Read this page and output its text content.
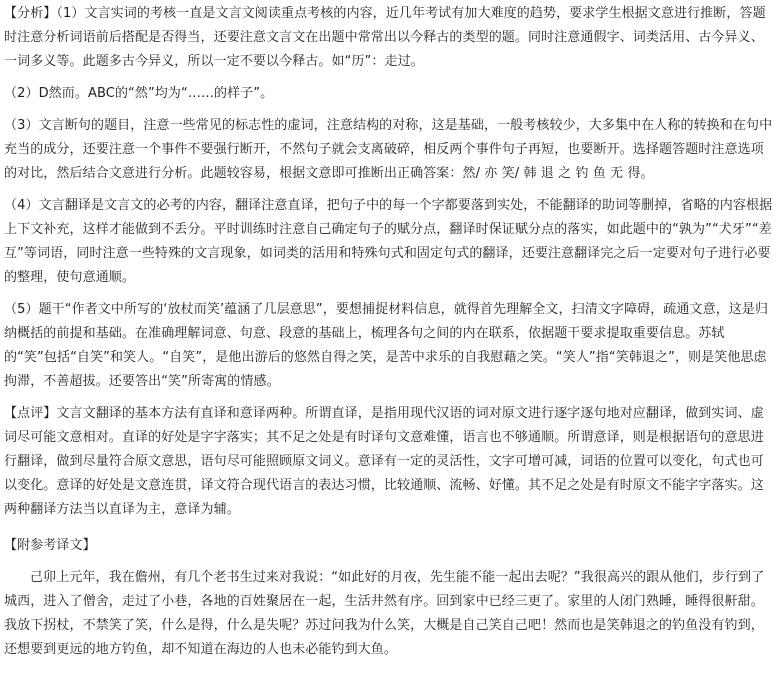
【分析】（1）文言实词的考核一直是文言文阅读重点考核的内容，近几年考试有加大难度的趋势，要求学生根据文意进行推断，答题时注意分析词语前后搭配是否得当，还要注意文言文在出题中常常出以今释古的类型的题。同时注意通假字、词类活用、古今异义、一词多义等。此题多古今异义，所以一定不要以今释古。如“历”：走过。

（2）D然而。ABC的“然”均为“……的样子”。

（3）文言断句的题目，注意一些常见的标志性的虚词，注意结构的对称，这是基础，一般考核较少，大多集中在人称的转换和在句中充当的成分，还要注意一个事件不要强行断开，不然句子就会支离破碎，相反两个事件句子再短，也要断开。选择题答题时注意选项的对比，然后结合文意进行分析。此题较容易，根据文意即可推断出正确答案：然/ 亦 笑/ 韩 退 之 钓 鱼 无 得。

（4）文言翻译是文言文的必考的内容，翻译注意直译，把句子中的每一个字都要落到实处，不能翻译的助词等删掉，省略的内容根据上下文补充，这样才能做到不丢分。平时训练时注意自己确定句子的赋分点，翻译时保证赋分点的落实，如此题中的“孰为”“犬牙”“差互”等词语，同时注意一些特殊的文言现象，如词类的活用和特殊句式和固定句式的翻译，还要注意翻译完之后一定要对句子进行必要的整理，使句意通顺。

（5）题干“作者文中所写的‘放杖而笑’蕴涵了几层意思”，要想捕捉材料信息，就得首先理解全文，扫清文字障碍，疏通文意，这是归纳概括的前提和基础。在准确理解词意、句意、段意的基础上，梳理各句之间的内在联系，依据题干要求提取重要信息。苏轼的“笑”包括“自笑”和笑人。“自笑”，是他出游后的悠然自得之笑，是苦中求乐的自我慰藉之笑。“笑人”指“笑韩退之”，则是笑他思虑拘滞，不善超拔。还要答出“笑”所寄寓的情感。

【点评】文言文翻译的基本方法有直译和意译两种。所谓直译，是指用现代汉语的词对原文进行逐字逐句地对应翻译，做到实词、虚词尽可能文意相对。直译的好处是字字落实；其不足之处是有时译句文意难懂，语言也不够通顺。所谓意译，则是根据语句的意思进行翻译，做到尽量符合原文意思，语句尽可能照顾原文词义。意译有一定的灵活性，文字可增可减，词语的位置可以变化，句式也可以变化。意译的好处是文意连贯，译文符合现代语言的表达习惯，比较通顺、流畅、好懂。其不足之处是有时原文不能字字落实。这两种翻译方法当以直译为主，意译为辅。

【附参考译文】

己卯上元年，我在儋州，有几个老书生过来对我说：“如此好的月夜，先生能不能一起出去呢？”我很高兴的跟从他们，步行到了城西，进入了僧舍，走过了小巷，各地的百姓聚居在一起，生活井然有序。回到家中已经三更了。家里的人闭门熟睡，睡得很鼾甜。我放下拐杖，不禁笑了笑，什么是得，什么是失呢？苏过问我为什么笑，大概是自己笑自己吧！然而也是笑韩退之的钓鱼没有钓到，还想要到更远的地方钓鱼，却不知道在海边的人也未必能钓到大鱼。
